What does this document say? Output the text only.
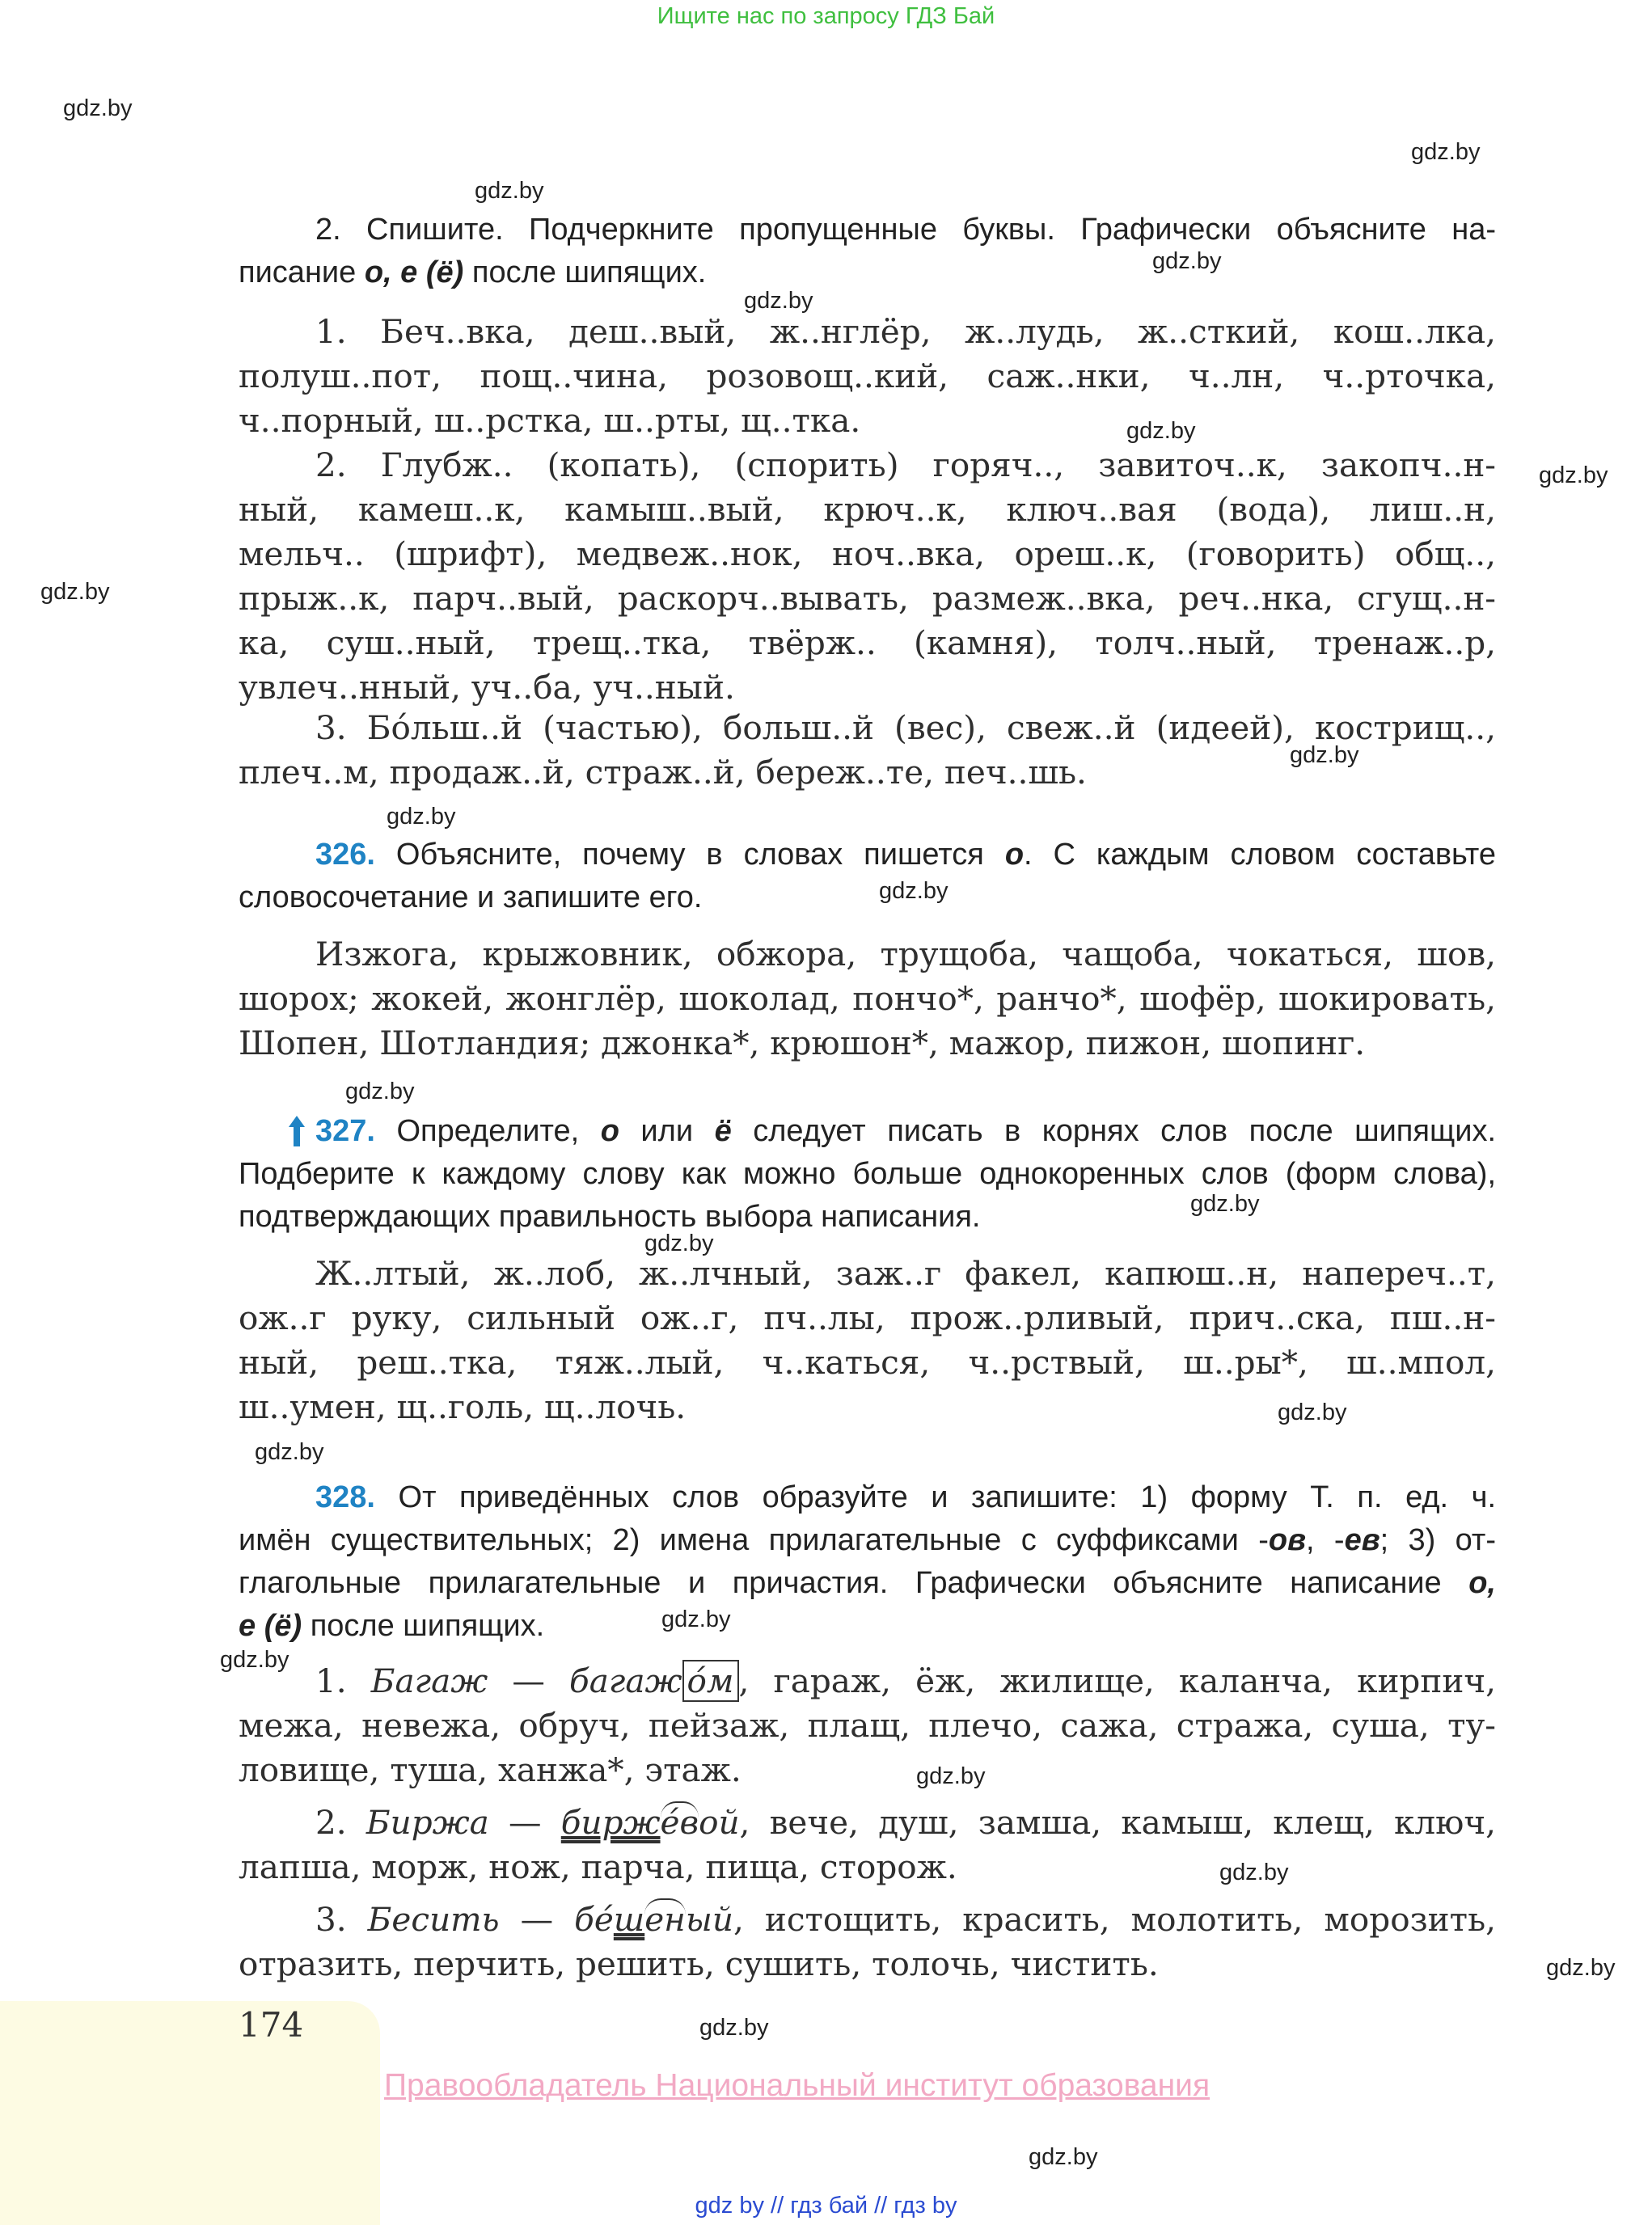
Ищите нас по запросу ГДЗ Бай
gdz.by
gdz.by
gdz.by
gdz.by
gdz.by
gdz.by
gdz.by
gdz.by
gdz.by
gdz.by
gdz.by
gdz.by
gdz.by
gdz.by
gdz.by
gdz.by
gdz.by
gdz.by
gdz.by
gdz.by
gdz.by
gdz.by
gdz.by
2. Спишите. Подчеркните пропущенные буквы. Графически объясните на-
писание о, е (ё) после шипящих.
1. Беч..вка, деш..вый, ж..нглёр, ж..лудь, ж..сткий, кош..лка,
полуш..пот, пощ..чина, розовощ..кий, саж..нки, ч..лн, ч..рточка,
ч..порный, ш..рстка, ш..рты, щ..тка.
2. Глубж.. (копать), (спорить) горяч.., завиточ..к, закопч..н-
ный, камеш..к, камыш..вый, крюч..к, ключ..вая (вода), лиш..н,
мельч.. (шрифт), медвеж..нок, ноч..вка, ореш..к, (говорить) общ..,
прыж..к, парч..вый, раскорч..вывать, размеж..вка, реч..нка, сгущ..н-
ка, суш..ный, трещ..тка, твёрж.. (камня), толч..ный, тренаж..р,
увлеч..нный, уч..ба, уч..ный.
3. Бо́льш..й (частью), больш..й (вес), свеж..й (идеей), кострищ..,
плеч..м, продаж..й, страж..й, береж..те, печ..шь.
326. Объясните, почему в словах пишется о. С каждым словом составьте
словосочетание и запишите его.
Изжога, крыжовник, обжора, трущоба, чащоба, чокаться, шов,
шорох; жокей, жонглёр, шоколад, пончо*, ранчо*, шофёр, шокировать,
Шопен, Шотландия; джонка*, крюшон*, мажор, пижон, шопинг.
327. Определите, о или ё следует писать в корнях слов после шипящих.
Подберите к каждому слову как можно больше однокоренных слов (форм слова),
подтверждающих правильность выбора написания.
Ж..лтый, ж..лоб, ж..лчный, заж..г факел, капюш..н, напереч..т,
ож..г руку, сильный ож..г, пч..лы, прож..рливый, прич..ска, пш..н-
ный, реш..тка, тяж..лый, ч..каться, ч..рствый, ш..ры*, ш..мпол,
ш..умен, щ..голь, щ..лочь.
328. От приведённых слов образуйте и запишите: 1) форму Т. п. ед. ч.
имён существительных; 2) имена прилагательные с суффиксами -ов, -ев; 3) от-
глагольные прилагательные и причастия. Графически объясните написание о,
е (ё) после шипящих.
1. Багаж — багаж о́м , гараж, ёж, жилище, каланча, кирпич,
межа, невежа, обруч, пейзаж, плащ, плечо, сажа, стража, суша, ту-
ловище, туша, ханжа*, этаж.
2. Биржа — бирже́вой, вече, душ, замша, камыш, клещ, ключ,
лапша, морж, нож, парча, пища, сторож.
3. Бесить — бе́шеный, истощить, красить, молотить, морозить,
отразить, перчить, решить, сушить, толочь, чистить.
174
Правообладатель Национальный институт образования
gdz by // гдз бай // гдз by
